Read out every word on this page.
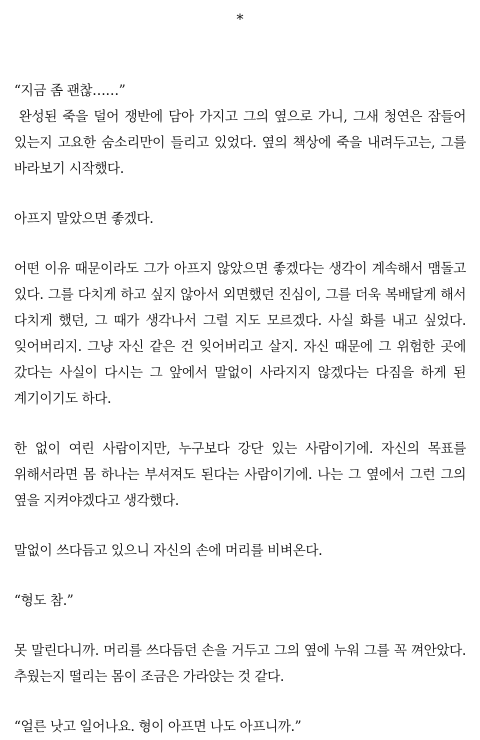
*

“지금 좀 괜찮……”

완성된 죽을 덜어 쟁반에 담아 가지고 그의 옆으로 가니, 그새 청연은 잠들어 있는지 고요한 숨소리만이 들리고 있었다. 옆의 책상에 죽을 내려두고는, 그를 바라보기 시작했다.

아프지 말았으면 좋겠다.

어떤 이유 때문이라도 그가 아프지 않았으면 좋겠다는 생각이 계속해서 맴돌고 있다. 그를 다치게 하고 싶지 않아서 외면했던 진심이, 그를 더욱 복배달게 해서 다치게 했던, 그 때가 생각나서 그럴 지도 모르겠다. 사실 화를 내고 싶었다. 잊어버리지. 그냥 자신 같은 건 잊어버리고 살지. 자신 때문에 그 위험한 곳에 갔다는 사실이 다시는 그 앞에서 말없이 사라지지 않겠다는 다짐을 하게 된 계기이기도 하다.

한 없이 여린 사람이지만, 누구보다 강단 있는 사람이기에. 자신의 목표를 위해서라면 몸 하나는 부셔져도 된다는 사람이기에. 나는 그 옆에서 그런 그의 옆을 지켜야겠다고 생각했다.

말없이 쓰다듬고 있으니 자신의 손에 머리를 비벼온다.

“형도 참.”

못 말린다니까. 머리를 쓰다듬던 손을 거두고 그의 옆에 누워 그를 꼭 껴안았다. 추웠는지 떨리는 몸이 조금은 가라앉는 것 같다.

“얼른 낫고 일어나요. 형이 아프면 나도 아프니까.”
